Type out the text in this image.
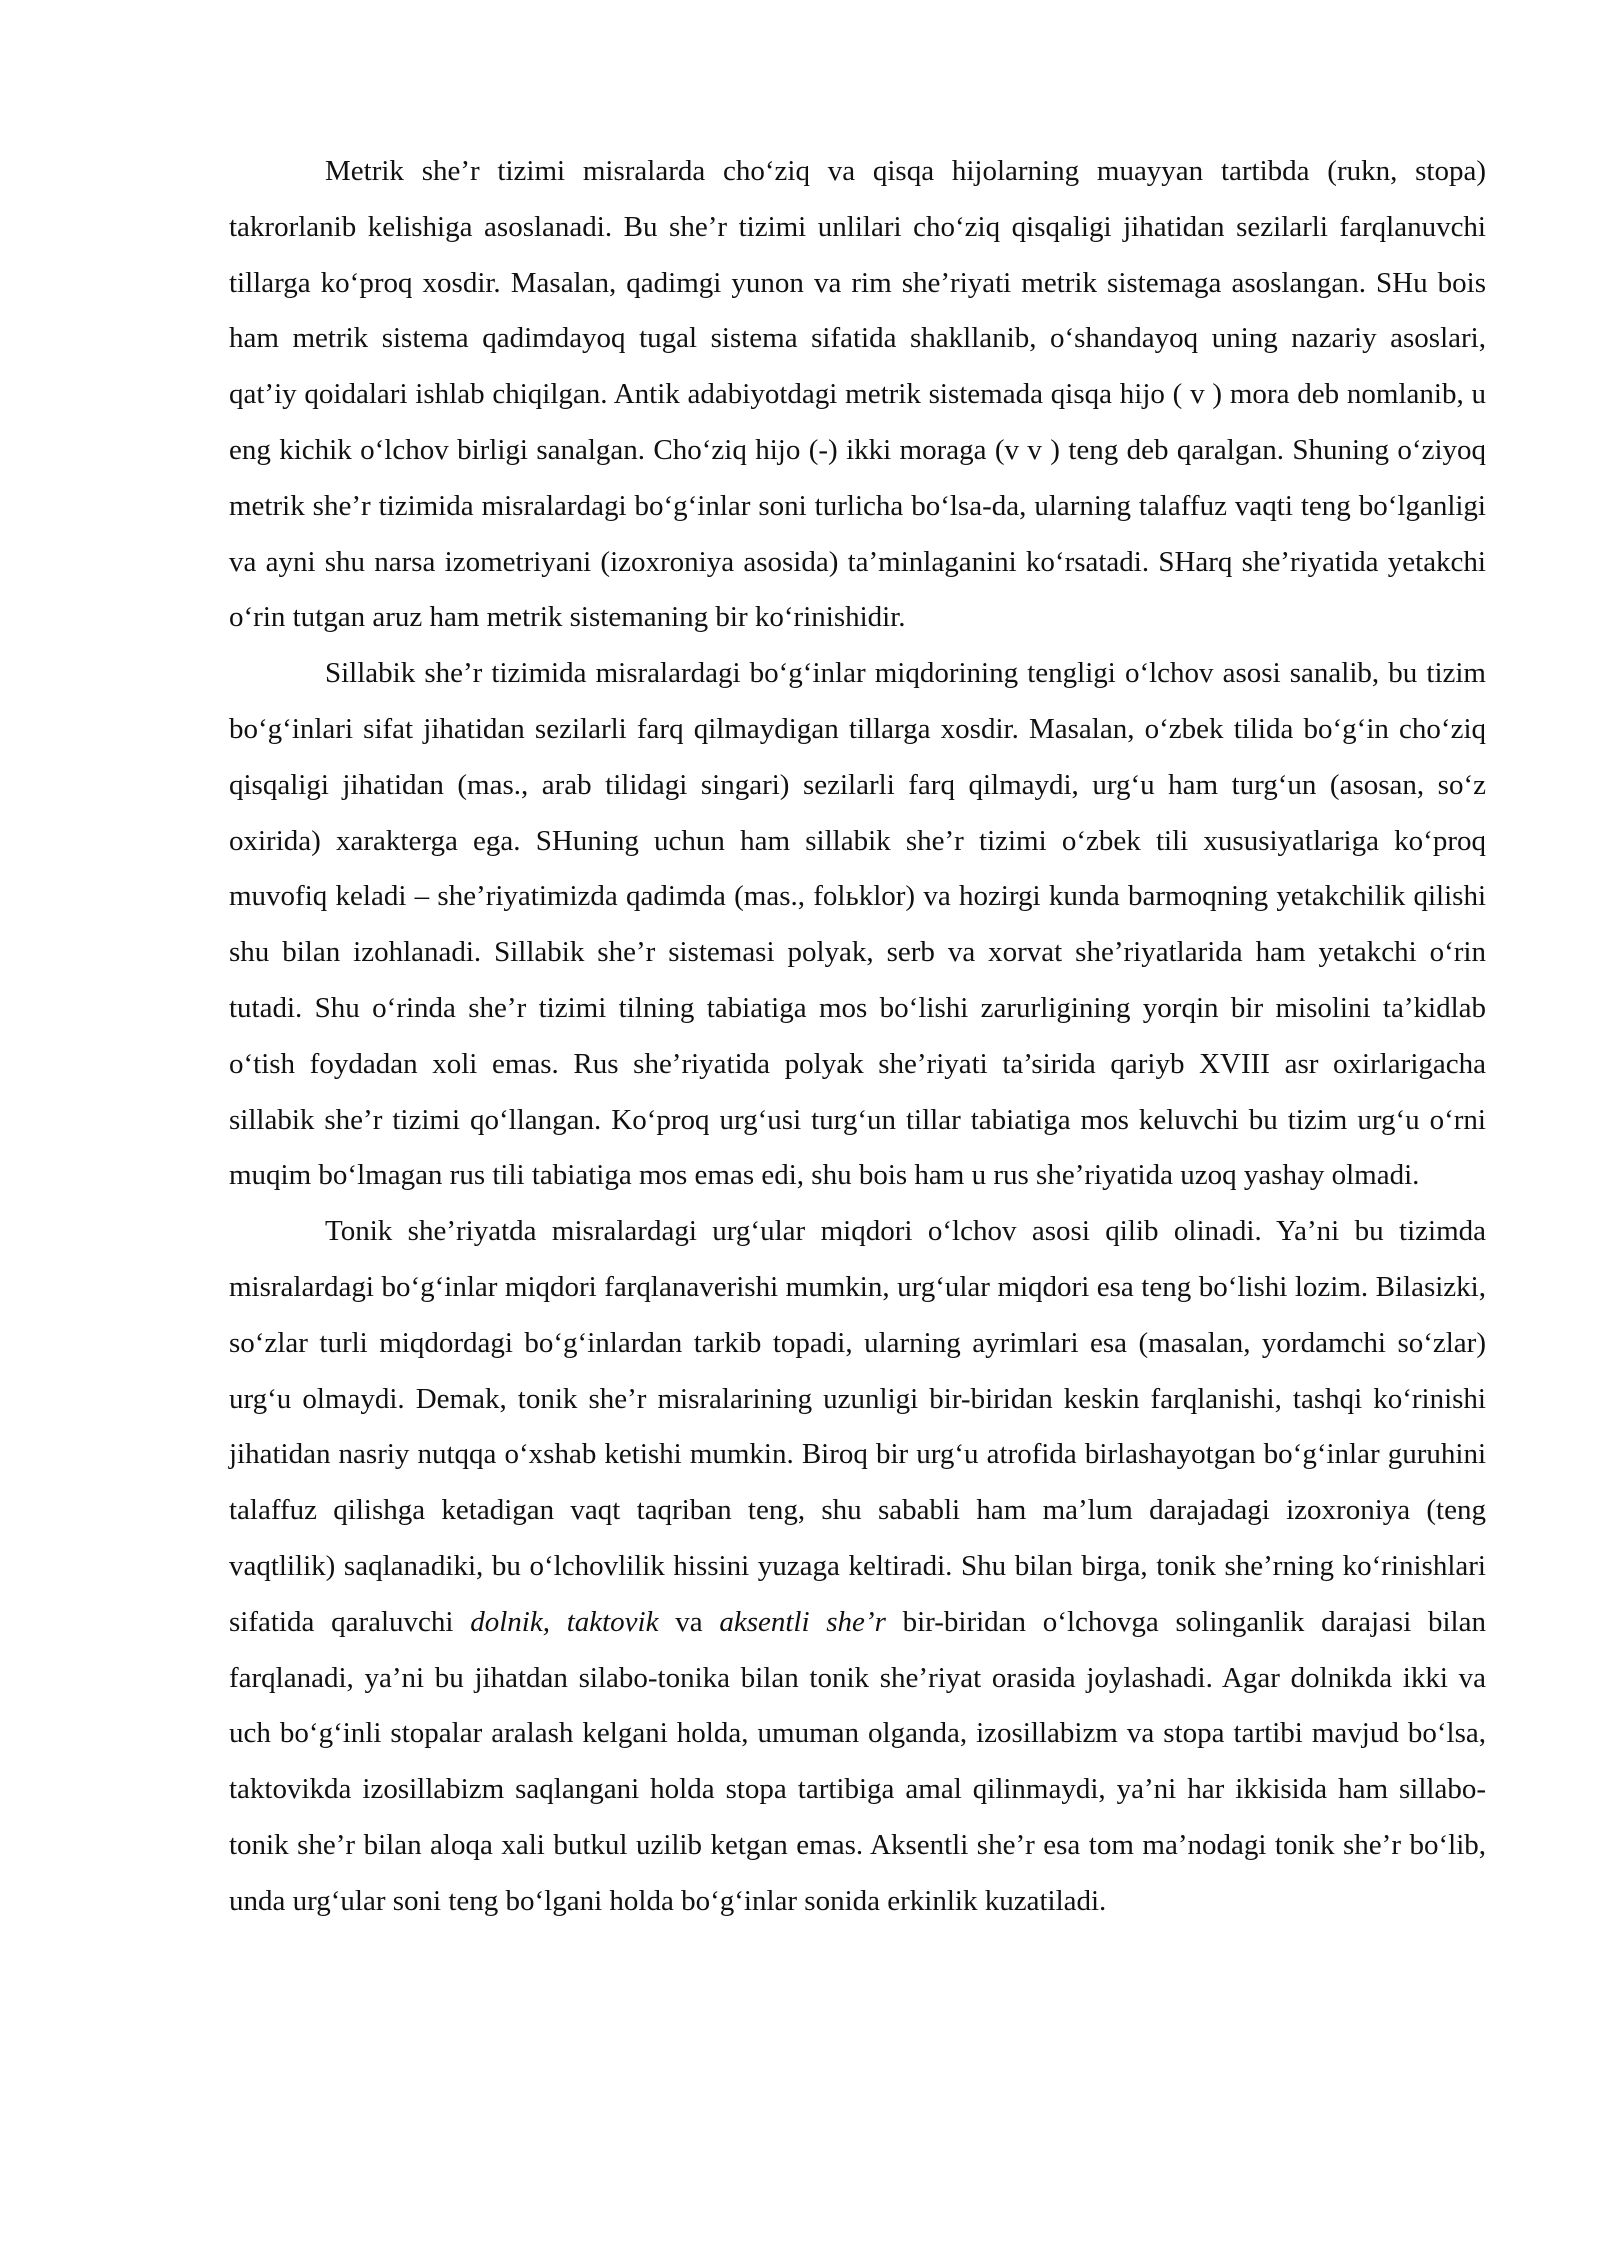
Metrik she’r tizimi misralarda cho‘ziq va qisqa hijolarning muayyan tartibda (rukn, stopa) takrorlanib kelishiga asoslanadi. Bu she’r tizimi unlilari cho‘ziq qisqaligi jihatidan sezilarli farqlanuvchi tillarga ko‘proq xosdir. Masalan, qadimgi yunon va rim she’riyati metrik sistemaga asoslangan. SHu bois ham metrik sistema qadimdayoq tugal sistema sifatida shakllanib, o‘shandayoq uning nazariy asoslari, qat’iy qoidalari ishlab chiqilgan. Antik adabiyotdagi metrik sistemada qisqa hijo ( v ) mora deb nomlanib, u eng kichik o‘lchov birligi sanalgan. Cho‘ziq hijo (-) ikki moraga (v v ) teng deb qaralgan. Shuning o‘ziyoq metrik she’r tizimida misralardagi bo‘g‘inlar soni turlicha bo‘lsa-da, ularning talaffuz vaqti teng bo‘lganligi va ayni shu narsa izometriyani (izoxroniya asosida) ta’minlaganini ko‘rsatadi. SHarq she’riyatida yetakchi o‘rin tutgan aruz ham metrik sistemaning bir ko‘rinishidir.

Sillabik she’r tizimida misralardagi bo‘g‘inlar miqdorining tengligi o‘lchov asosi sanalib, bu tizim bo‘g‘inlari sifat jihatidan sezilarli farq qilmaydigan tillarga xosdir. Masalan, o‘zbek tilida bo‘g‘in cho‘ziq qisqaligi jihatidan (mas., arab tilidagi singari) sezilarli farq qilmaydi, urg‘u ham turg‘un (asosan, so‘z oxirida) xarakterga ega. SHuning uchun ham sillabik she’r tizimi o‘zbek tili xususiyatlariga ko‘proq muvofiq keladi – she’riyatimizda qadimda (mas., folьklor) va hozirgi kunda barmoqning yetakchilik qilishi shu bilan izohlanadi. Sillabik she’r sistemasi polyak, serb va xorvat she’riyatlarida ham yetakchi o‘rin tutadi. Shu o‘rinda she’r tizimi tilning tabiatiga mos bo‘lishi zarurligining yorqin bir misolini ta’kidlab o‘tish foydadan xoli emas. Rus she’riyatida polyak she’riyati ta’sirida qariyb XVIII asr oxirlarigacha sillabik she’r tizimi qo‘llangan. Ko‘proq urg‘usi turg‘un tillar tabiatiga mos keluvchi bu tizim urg‘u o‘rni muqim bo‘lmagan rus tili tabiatiga mos emas edi, shu bois ham u rus she’riyatida uzoq yashay olmadi.

Tonik she’riyatda misralardagi urg‘ular miqdori o‘lchov asosi qilib olinadi. Ya’ni bu tizimda misralardagi bo‘g‘inlar miqdori farqlanaverishi mumkin, urg‘ular miqdori esa teng bo‘lishi lozim. Bilasizki, so‘zlar turli miqdordagi bo‘g‘inlardan tarkib topadi, ularning ayrimlari esa (masalan, yordamchi so‘zlar) urg‘u olmaydi. Demak, tonik she’r misralarining uzunligi bir-biridan keskin farqlanishi, tashqi ko‘rinishi jihatidan nasriy nutqqa o‘xshab ketishi mumkin. Biroq bir urg‘u atrofida birlashayotgan bo‘g‘inlar guruhini talaffuz qilishga ketadigan vaqt taqriban teng, shu sababli ham ma’lum darajadagi izoxroniya (teng vaqtlilik) saqlanadiki, bu o‘lchovlilik hissini yuzaga keltiradi. Shu bilan birga, tonik she’rning ko‘rinishlari sifatida qaraluvchi dolnik, taktovik va aksentli she’r bir-biridan o‘lchovga solinganlik darajasi bilan farqlanadi, ya’ni bu jihatdan silabo-tonika bilan tonik she’riyat orasida joylashadi. Agar dolnikda ikki va uch bo‘g‘inli stopalar aralash kelgani holda, umuman olganda, izosillabizm va stopa tartibi mavjud bo‘lsa, taktovikda izosillabizm saqlangani holda stopa tartibiga amal qilinmaydi, ya’ni har ikkisida ham sillabo-tonik she’r bilan aloqa xali butkul uzilib ketgan emas. Aksentli she’r esa tom ma’nodagi tonik she’r bo‘lib, unda urg‘ular soni teng bo‘lgani holda bo‘g‘inlar sonida erkinlik kuzatiladi.
